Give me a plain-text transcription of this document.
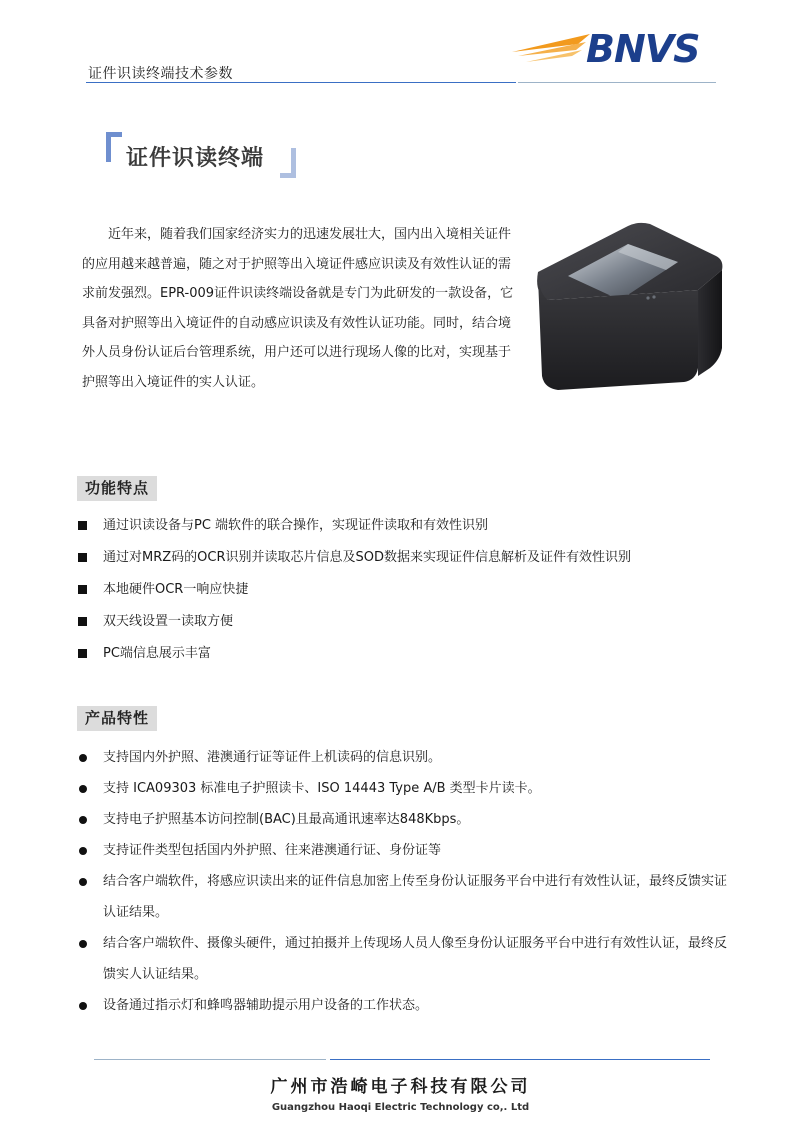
证件识读终端技术参数
BNVS
证件识读终端

近年来，随着我们国家经济实力的迅速发展壮大，国内出入境相关证件的应用越来越普遍，随之对于护照等出入境证件感应识读及有效性认证的需求前发强烈。EPR-009证件识读终端设备就是专门为此研发的一款设备，它具备对护照等出入境证件的自动感应识读及有效性认证功能。同时，结合境外人员身份认证后台管理系统，用户还可以进行现场人像的比对，实现基于护照等出入境证件的实人认证。

功能特点
通过识读设备与PC 端软件的联合操作，实现证件读取和有效性识别
通过对MRZ码的OCR识别并读取芯片信息及SOD数据来实现证件信息解析及证件有效性识别
本地硬件OCR一响应快捷
双天线设置一读取方便
PC端信息展示丰富
产品特性
支持国内外护照、港澳通行证等证件上机读码的信息识别。
支持 ICA09303 标准电子护照读卡、ISO 14443 Type A/B 类型卡片读卡。
支持电子护照基本访问控制(BAC)且最高通讯速率达848Kbps。
支持证件类型包括国内外护照、往来港澳通行证、身份证等
结合客户端软件，将感应识读出来的证件信息加密上传至身份认证服务平台中进行有效性认证，最终反馈实证认证结果。
结合客户端软件、摄像头硬件，通过拍摄并上传现场人员人像至身份认证服务平台中进行有效性认证，最终反馈实人认证结果。
设备通过指示灯和蜂鸣器辅助提示用户设备的工作状态。
广州市浩崎电子科技有限公司
Guangzhou Haoqi Electric Technology co,. Ltd
